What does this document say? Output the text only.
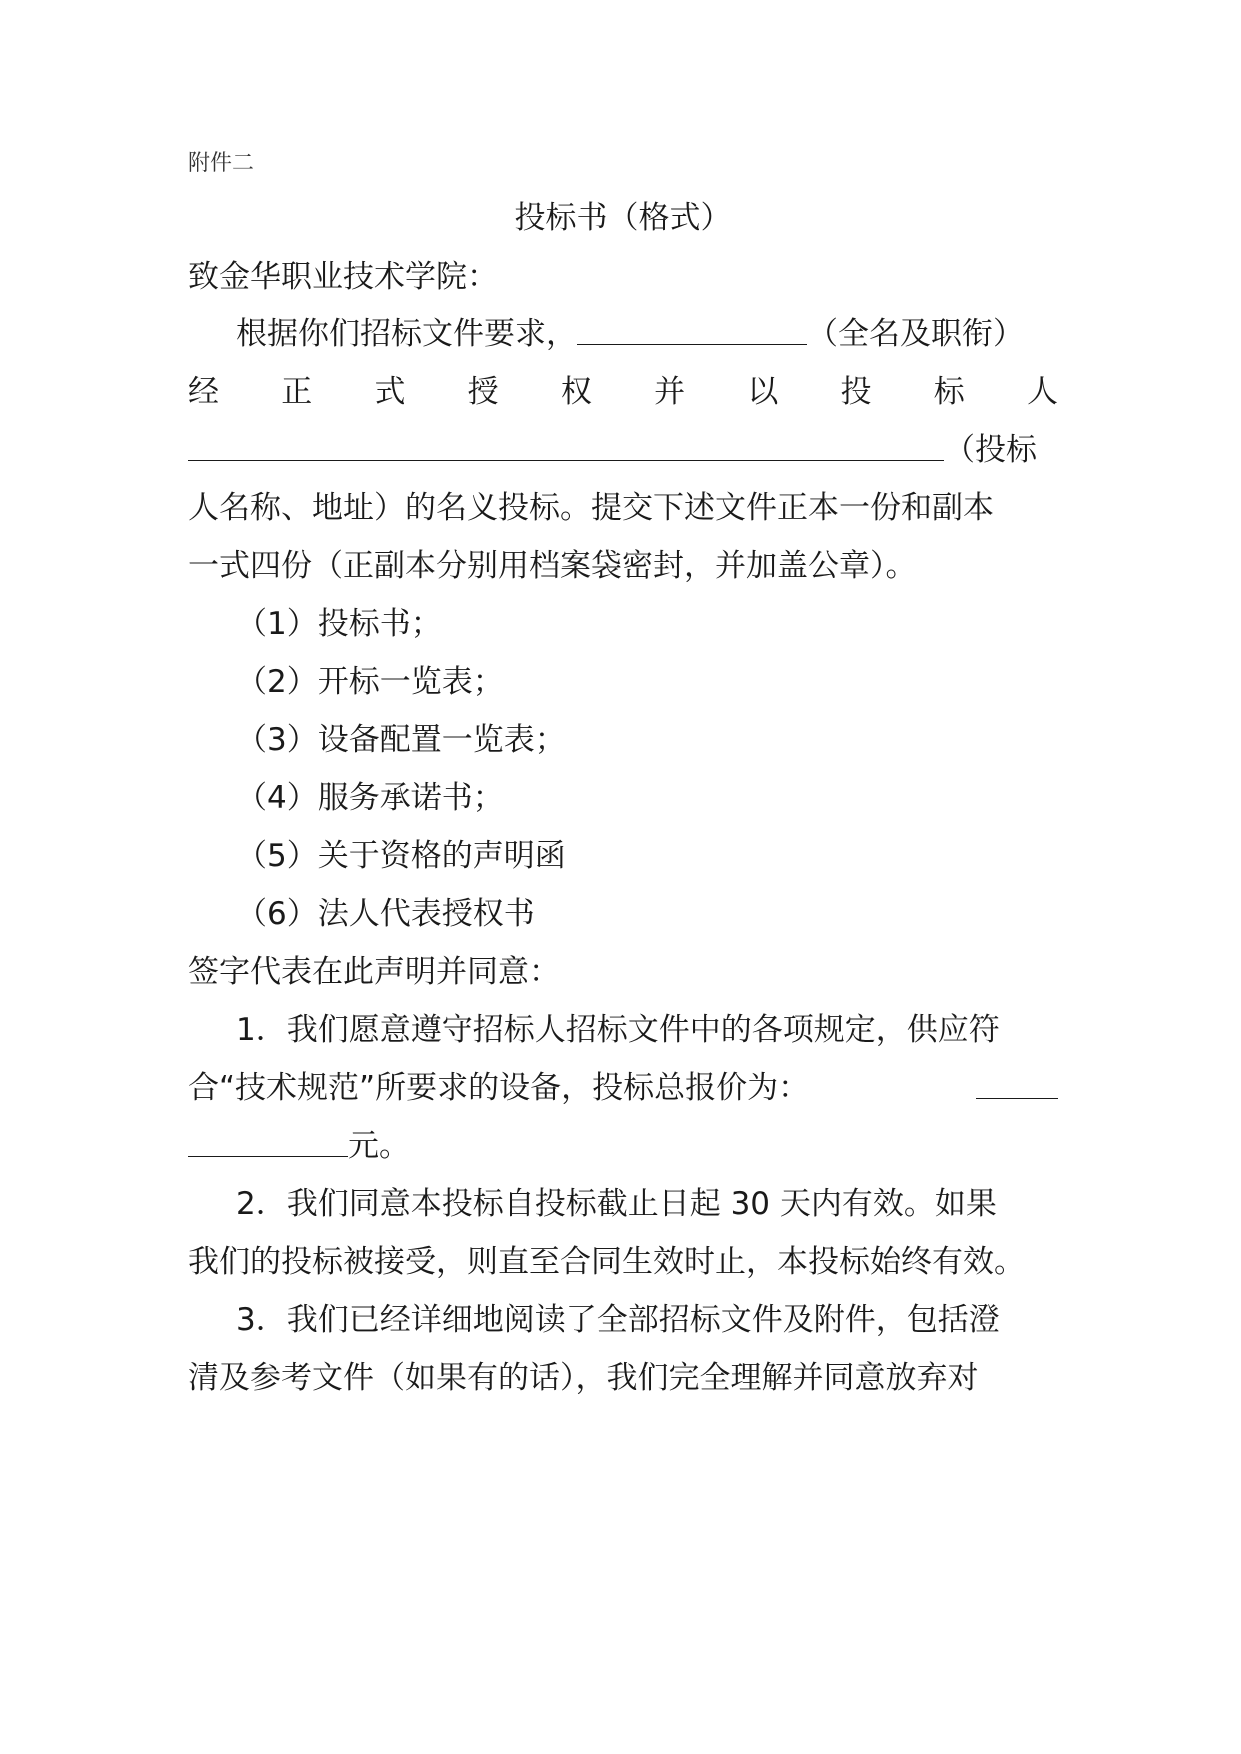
附件二
投标书（格式）
致金华职业技术学院：
根据你们招标文件要求，	（全名及职衔）
经 正 式 授 权 并 以 投 标 人
（投标
人名称、地址）的名义投标。提交下述文件正本一份和副本
一式四份（正副本分别用档案袋密封，并加盖公章）。
（1）投标书；
（2）开标一览表；
（3）设备配置一览表；
（4）服务承诺书；
（5）关于资格的声明函
（6）法人代表授权书
签字代表在此声明并同意：
1．我们愿意遵守招标人招标文件中的各项规定，供应符
合“技术规范”所要求的设备，投标总报价为：
元。
2．我们同意本投标自投标截止日起 30 天内有效。如果
我们的投标被接受，则直至合同生效时止，本投标始终有效。
3．我们已经详细地阅读了全部招标文件及附件，包括澄
清及参考文件（如果有的话），我们完全理解并同意放弃对
